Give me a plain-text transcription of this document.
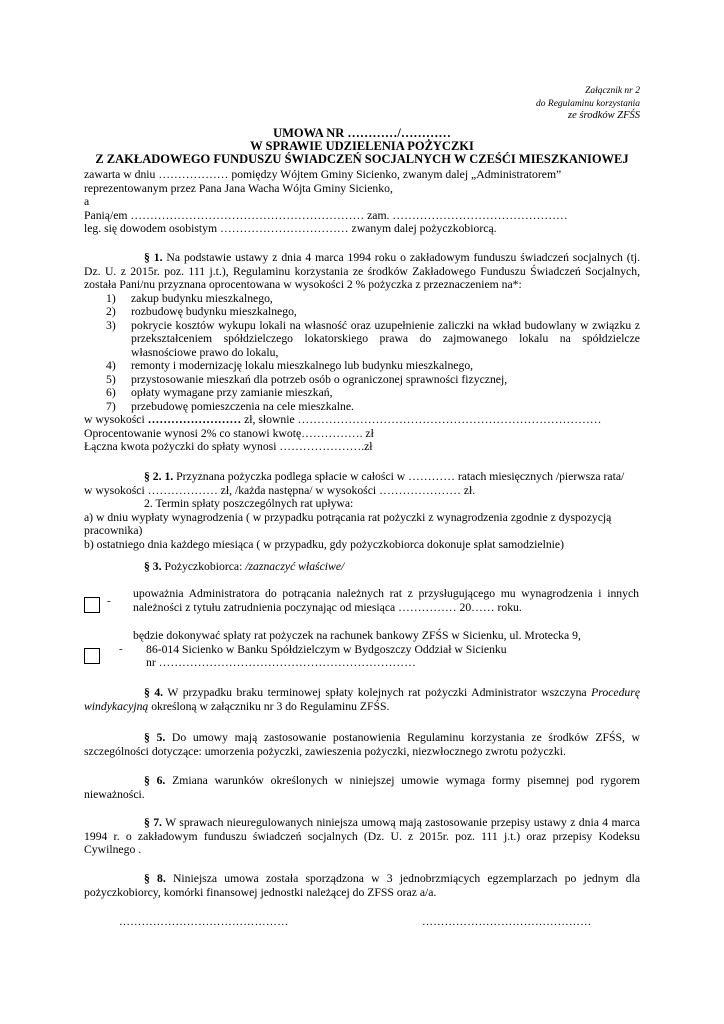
Załącznik nr 2
do Regulaminu korzystania
ze środków ZFŚS
UMOWA NR …………/…………
W SPRAWIE UDZIELENIA POŻYCZKI
Z ZAKŁADOWEGO FUNDUSZU ŚWIADCZEŃ SOCJALNYCH W CZEŚĆI MIESZKANIOWEJ

zawarta w dniu ……………… pomiędzy Wójtem Gminy Sicienko, zwanym dalej „Administratorem”

reprezentowanym przez Pana Jana Wacha Wójta Gminy Sicienko,

a

Panią/em …………………………………………………… zam. ………………………………………

leg. się dowodem osobistym …………………………… zwanym dalej pożyczkobiorcą.

§ 1. Na podstawie ustawy z dnia 4 marca 1994 roku o zakładowym funduszu świadczeń socjalnych (tj. Dz. U. z 2015r. poz. 111 j.t.), Regulaminu korzystania ze środków Zakładowego Funduszu Świadczeń Socjalnych, została Pani/nu przyznana oprocentowana w wysokości 2 % pożyczka z przeznaczeniem na*:

1)	zakup budynku mieszkalnego,
2)	rozbudowę budynku mieszkalnego,
3)	pokrycie kosztów wykupu lokali na własność oraz uzupełnienie zaliczki na wkład budowlany w związku z przekształceniem spółdzielczego lokatorskiego prawa do zajmowanego lokalu na spółdzielcze własnościowe prawo do lokalu,
4)	remonty i modernizację lokalu mieszkalnego lub budynku mieszkalnego,
5)	przystosowanie mieszkań dla potrzeb osób o ograniczonej sprawności fizycznej,
6)	opłaty wymagane przy zamianie mieszkań,
7)	przebudowę pomieszczenia na cele mieszkalne.

w wysokości …………………… zł, słownie ……………………………………………………………………

Oprocentowanie wynosi 2% co stanowi kwotę……………. zł

Łączna kwota pożyczki do spłaty wynosi ………………….zł

§ 2. 1. Przyznana pożyczka podlega spłacie w całości w ………… ratach miesięcznych /pierwsza rata/

w wysokości ……………… zł, /każda następna/ w wysokości ………………… zł.

2. Termin spłaty poszczególnych rat upływa:

a) w dniu wypłaty wynagrodzenia ( w przypadku potrącania rat pożyczki z wynagrodzenia zgodnie z dyspozycją pracownika)

b) ostatniego dnia każdego miesiąca ( w przypadku, gdy pożyczkobiorca dokonuje spłat samodzielnie)

§ 3. Pożyczkobiorca: /zaznaczyć właściwe/

-
upoważnia Administratora do potrącania należnych rat z przysługującego mu wynagrodzenia i innych należności z tytułu zatrudnienia poczynając od miesiąca …………… 20…… roku.
-
będzie dokonywać spłaty rat pożyczek na rachunek bankowy ZFŚS w Sicienku, ul. Mrotecka 9,
86-014 Sicienko w Banku Spółdzielczym w Bydgoszczy Oddział w Sicienku
nr …………………………………………………………

§ 4. W przypadku braku terminowej spłaty kolejnych rat pożyczki Administrator wszczyna Procedurę windykacyjną określoną w załączniku nr 3 do Regulaminu ZFŚS.

§ 5. Do umowy mają zastosowanie postanowienia Regulaminu korzystania ze środków ZFŚS, w szczególności dotyczące: umorzenia pożyczki, zawieszenia pożyczki, niezwłocznego zwrotu pożyczki.

§ 6. Zmiana warunków określonych w niniejszej umowie wymaga formy pisemnej pod rygorem nieważności.

§ 7. W sprawach nieuregulowanych niniejsza umową mają zastosowanie przepisy ustawy z dnia 4 marca 1994 r. o zakładowym funduszu świadczeń socjalnych (Dz. U. z 2015r. poz. 111 j.t.) oraz przepisy Kodeksu Cywilnego .

§ 8. Niniejsza umowa została sporządzona w 3 jednobrzmiących egzemplarzach po jednym dla pożyczkobiorcy, komórki finansowej jednostki należącej do ZFSS oraz a/a.

………………………………………	………………………………………
